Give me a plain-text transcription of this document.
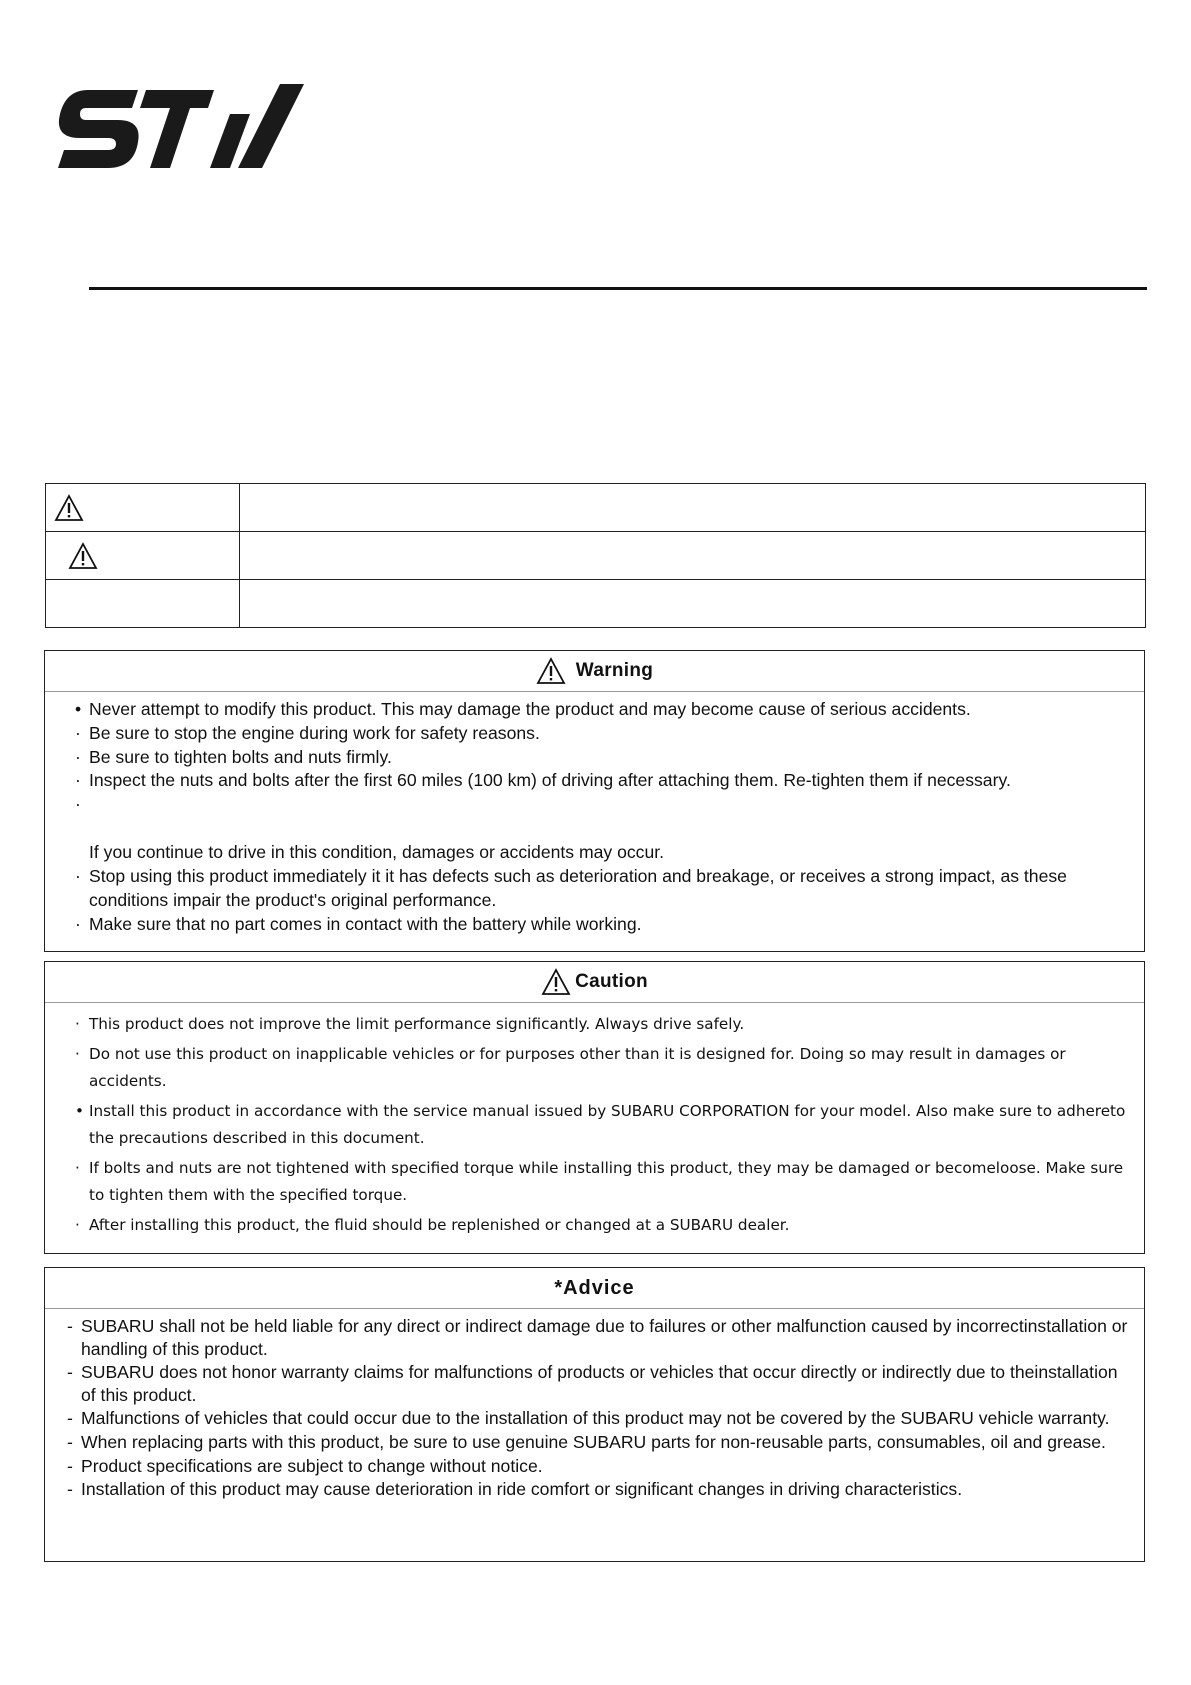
Warning
• Never attempt to modify this product. This may damage the product and may become cause of serious accidents.
· Be sure to stop the engine during work for safety reasons.
· Be sure to tighten bolts and nuts firmly.
· Inspect the nuts and bolts after the first 60 miles (100 km) of driving after attaching them. Re-tighten them if necessary.
·
If you continue to drive in this condition, damages or accidents may occur.
· Stop using this product immediately it it has defects such as deterioration and breakage, or receives a strong impact, as these conditions impair the product's original performance.
· Make sure that no part comes in contact with the battery while working.
Caution
· This product does not improve the limit performance significantly. Always drive safely.
· Do not use this product on inapplicable vehicles or for purposes other than it is designed for. Doing so may result in damages or accidents.
• Install this product in accordance with the service manual issued by SUBARU CORPORATION for your model. Also make sure to adhereto the precautions described in this document.
· If bolts and nuts are not tightened with specified torque while installing this product, they may be damaged or becomeloose. Make sure to tighten them with the specified torque.
· After installing this product, the fluid should be replenished or changed at a SUBARU dealer.
*Advice
- SUBARU shall not be held liable for any direct or indirect damage due to failures or other malfunction caused by incorrectinstallation or handling of this product.
- SUBARU does not honor warranty claims for malfunctions of products or vehicles that occur directly or indirectly due to theinstallation of this product.
- Malfunctions of vehicles that could occur due to the installation of this product may not be covered by the SUBARU vehicle warranty.
- When replacing parts with this product, be sure to use genuine SUBARU parts for non-reusable parts, consumables, oil and grease.
- Product specifications are subject to change without notice.
- Installation of this product may cause deterioration in ride comfort or significant changes in driving characteristics.
